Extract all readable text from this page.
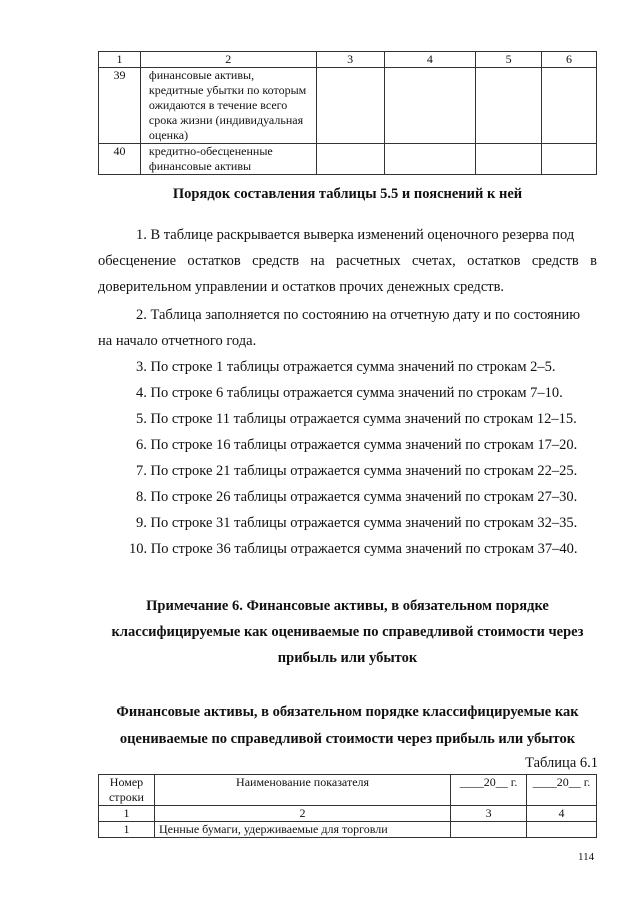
1	2	3	4	5	6
39	финансовые активы,
кредитные убытки по которым
ожидаются в течение всего
срока жизни (индивидуальная
оценка)				

40	кредитно-обесцененные
финансовые активы				

Порядок составления таблицы 5.5 и пояснений к ней
1. В таблице раскрывается выверка изменений оценочного резерва под
обесценение остатков средств на расчетных счетах, остатков средств в
доверительном управлении и остатков прочих денежных средств.
2. Таблица заполняется по состоянию на отчетную дату и по состоянию
на начало отчетного года.
3. По строке 1 таблицы отражается сумма значений по строкам 2–5.
4. По строке 6 таблицы отражается сумма значений по строкам 7–10.
5. По строке 11 таблицы отражается сумма значений по строкам 12–15.
6. По строке 16 таблицы отражается сумма значений по строкам 17–20.
7. По строке 21 таблицы отражается сумма значений по строкам 22–25.
8. По строке 26 таблицы отражается сумма значений по строкам 27–30.
9. По строке 31 таблицы отражается сумма значений по строкам 32–35.
10. По строке 36 таблицы отражается сумма значений по строкам 37–40.
Примечание 6. Финансовые активы, в обязательном порядке
классифицируемые как оцениваемые по справедливой стоимости через
прибыль или убыток
Финансовые активы, в обязательном порядке классифицируемые как
оцениваемые по справедливой стоимости через прибыль или убыток
Таблица 6.1
Номер
строки	Наименование показателя	____20__ г.	____20__ г.
1	2	3	4
1	Ценные бумаги, удерживаемые для торговли		
114
